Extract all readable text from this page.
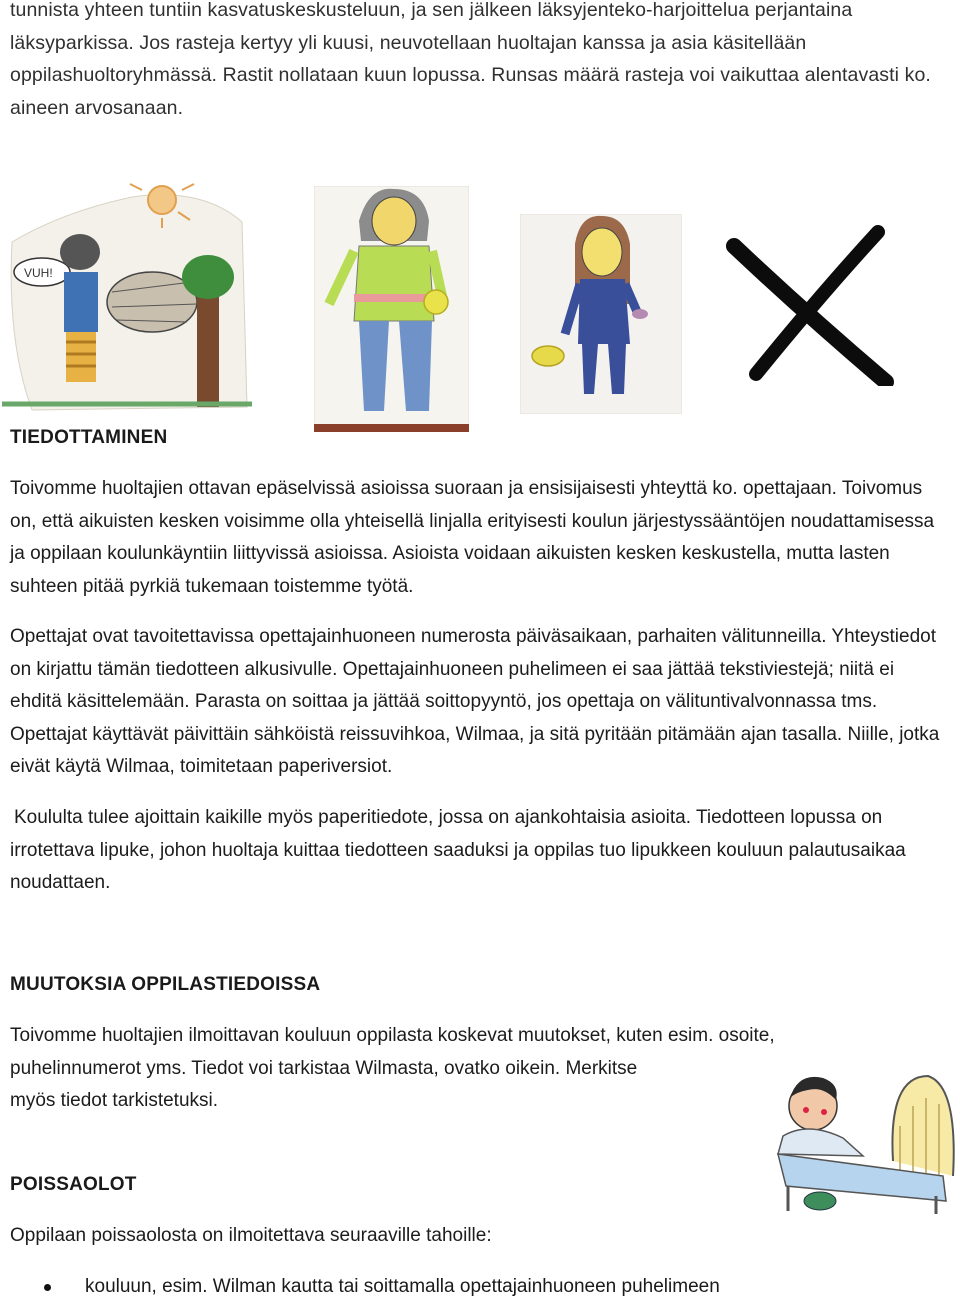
tunnista yhteen tuntiin kasvatuskeskusteluun, ja sen jälkeen läksyjenteko-harjoittelua perjantaina läksyparkissa. Jos rasteja kertyy yli kuusi, neuvotellaan huoltajan kanssa ja asia käsitellään oppilashuoltoryhmässä. Rastit nollataan kuun lopussa. Runsas määrä rasteja voi vaikuttaa alentavasti ko. aineen arvosanaan.

VUH!
TIEDOTTAMINEN

Toivomme huoltajien ottavan epäselvissä asioissa suoraan ja ensisijaisesti yhteyttä ko. opettajaan. Toivomus on, että aikuisten kesken voisimme olla yhteisellä linjalla erityisesti koulun järjestyssääntöjen noudattamisessa ja oppilaan koulunkäyntiin liittyvissä asioissa. Asioista voidaan aikuisten kesken keskustella, mutta lasten suhteen pitää pyrkiä tukemaan toistemme työtä.

Opettajat ovat tavoitettavissa opettajainhuoneen numerosta päiväsaikaan, parhaiten välitunneilla. Yhteystiedot on kirjattu tämän tiedotteen alkusivulle. Opettajainhuoneen puhelimeen ei saa jättää tekstiviestejä; niitä ei ehditä käsittelemään. Parasta on soittaa ja jättää soittopyyntö, jos opettaja on välituntivalvonnassa tms. Opettajat käyttävät päivittäin sähköistä reissuvihkoa, Wilmaa, ja sitä pyritään pitämään ajan tasalla. Niille, jotka eivät käytä Wilmaa, toimitetaan paperiversiot.

Koululta tulee ajoittain kaikille myös paperitiedote, jossa on ajankohtaisia asioita. Tiedotteen lopussa on irrotettava lipuke, johon huoltaja kuittaa tiedotteen saaduksi ja oppilas tuo lipukkeen kouluun palautusaikaa noudattaen.

MUUTOKSIA OPPILASTIEDOISSA

Toivomme huoltajien ilmoittavan kouluun oppilasta koskevat muutokset, kuten esim. osoite,

puhelinnumerot yms. Tiedot voi tarkistaa Wilmasta, ovatko oikein. Merkitse

myös tiedot tarkistetuksi.

POISSAOLOT

Oppilaan poissaolosta on ilmoitettava seuraaville tahoille:

kouluun, esim. Wilman kautta tai soittamalla opettajainhuoneen puhelimeen
